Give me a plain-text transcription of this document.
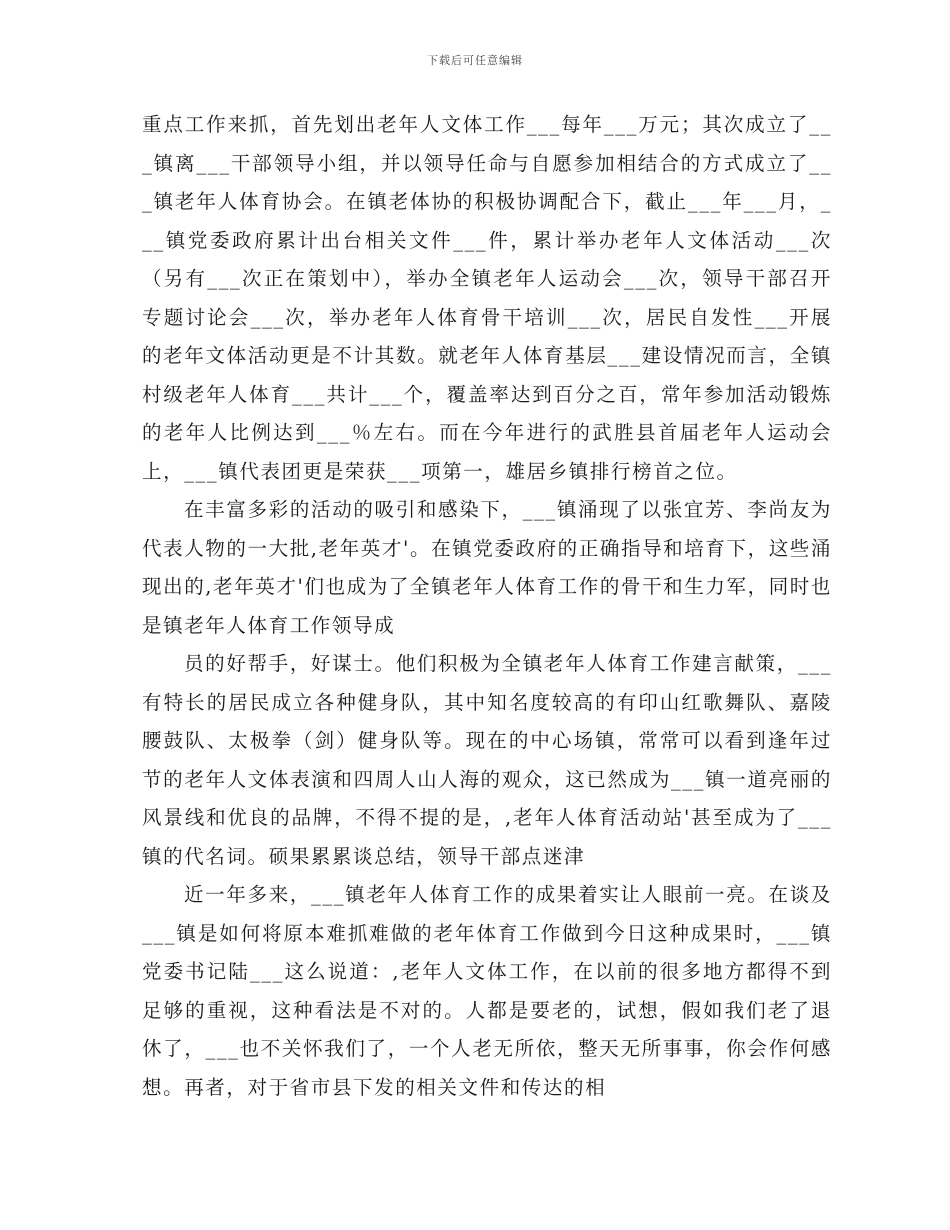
下载后可任意编辑

重点工作来抓，首先划出老年人文体工作___每年___万元；其次成立了___镇离___干部领导小组，并以领导任命与自愿参加相结合的方式成立了___镇老年人体育协会。在镇老体协的积极协调配合下，截止___年___月，___镇党委政府累计出台相关文件___件，累计举办老年人文体活动___次（另有___次正在策划中），举办全镇老年人运动会___次，领导干部召开专题讨论会___次，举办老年人体育骨干培训___次，居民自发性___开展的老年文体活动更是不计其数。就老年人体育基层___建设情况而言，全镇村级老年人体育___共计___个，覆盖率达到百分之百，常年参加活动锻炼的老年人比例达到___％左右。而在今年进行的武胜县首届老年人运动会上，___镇代表团更是荣获___项第一，雄居乡镇排行榜首之位。

在丰富多彩的活动的吸引和感染下，___镇涌现了以张宜芳、李尚友为代表人物的一大批,老年英才'。在镇党委政府的正确指导和培育下，这些涌现出的,老年英才'们也成为了全镇老年人体育工作的骨干和生力军，同时也是镇老年人体育工作领导成

员的好帮手，好谋士。他们积极为全镇老年人体育工作建言献策，___有特长的居民成立各种健身队，其中知名度较高的有印山红歌舞队、嘉陵腰鼓队、太极拳（剑）健身队等。现在的中心场镇，常常可以看到逢年过节的老年人文体表演和四周人山人海的观众，这已然成为___镇一道亮丽的风景线和优良的品牌，不得不提的是，,老年人体育活动站'甚至成为了___镇的代名词。硕果累累谈总结，领导干部点迷津

近一年多来，___镇老年人体育工作的成果着实让人眼前一亮。在谈及___镇是如何将原本难抓难做的老年体育工作做到今日这种成果时，___镇党委书记陆___这么说道：,老年人文体工作，在以前的很多地方都得不到足够的重视，这种看法是不对的。人都是要老的，试想，假如我们老了退休了，___也不关怀我们了，一个人老无所依，整天无所事事，你会作何感想。再者，对于省市县下发的相关文件和传达的相
